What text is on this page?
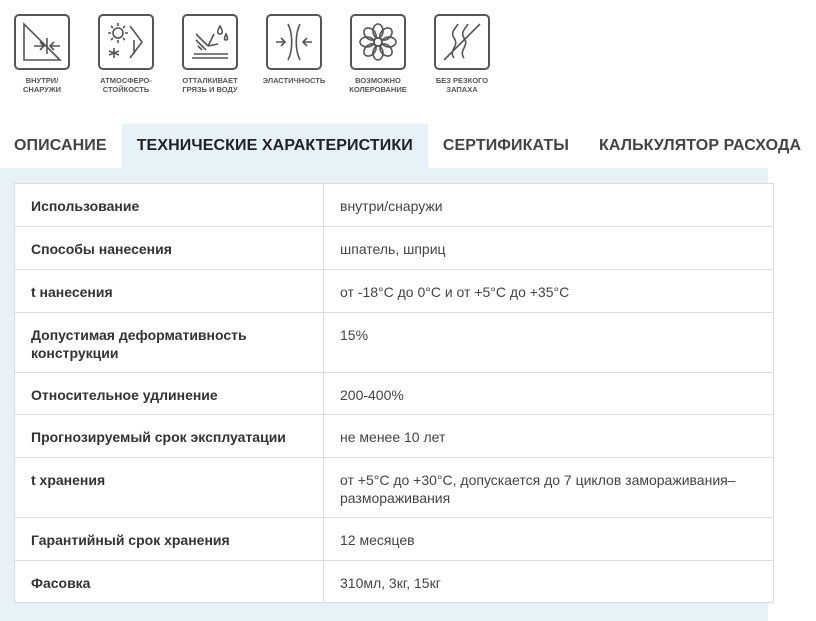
ВНУТРИ/
СНАРУЖИ
АТМОСФЕРО-
СТОЙКОСТЬ
ОТТАЛКИВАЕТ
ГРЯЗЬ И ВОДУ
ЭЛАСТИЧНОСТЬ	ВОЗМОЖНО
КОЛЕРОВАНИЕ
БЕЗ РЕЗКОГО
ЗАПАХА
ОПИСАНИЕ	ТЕХНИЧЕСКИЕ ХАРАКТЕРИСТИКИ	СЕРТИФИКАТЫ	КАЛЬКУЛЯТОР РАСХОДА
Использование	внутри/снаружи
Способы нанесения	шпатель, шприц
t нанесения	от -18°C до 0°C и от +5°C до +35°C
Допустимая деформативность конструкции	15%
Относительное удлинение	200-400%
Прогнозируемый срок эксплуатации	не менее 10 лет
t хранения	от +5°C до +30°C, допускается до 7 циклов замораживания–размораживания
Гарантийный срок хранения	12 месяцев
Фасовка	310мл, 3кг, 15кг
